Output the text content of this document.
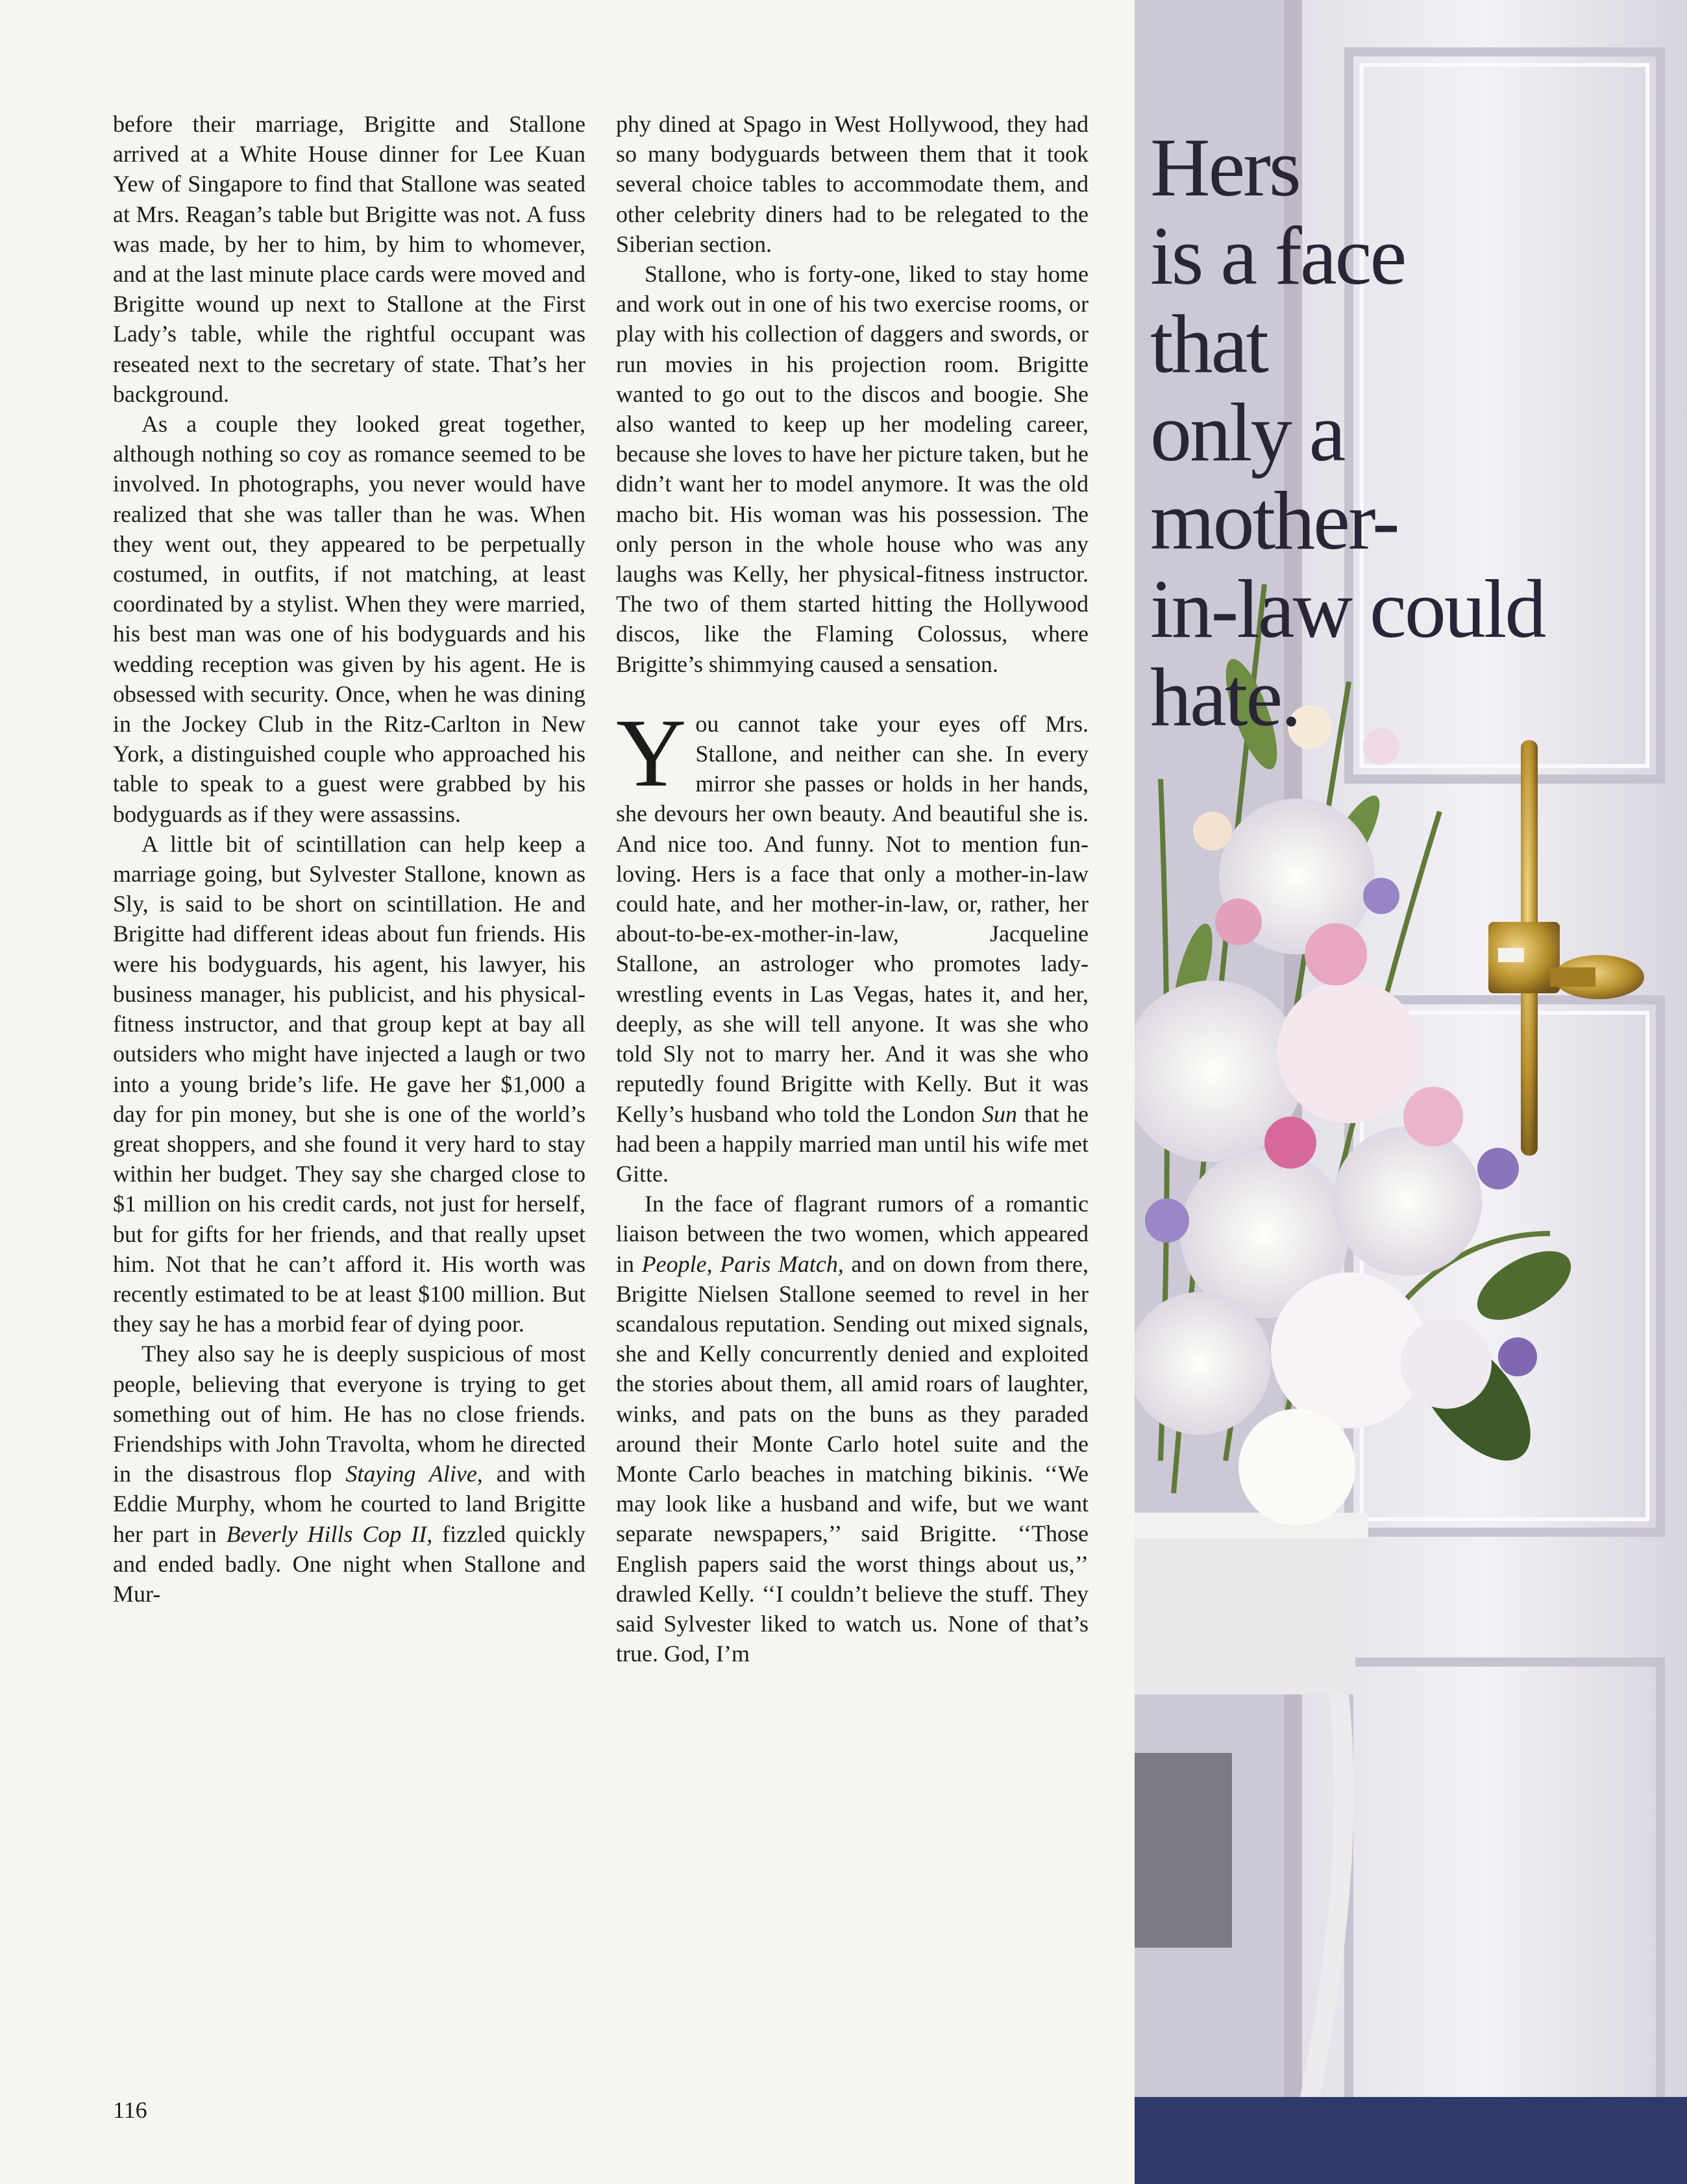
before their marriage, Brigitte and Stallone arrived at a White House dinner for Lee Kuan Yew of Singapore to find that Stallone was seated at Mrs. Reagan’s table but Brigitte was not. A fuss was made, by her to him, by him to whomever, and at the last minute place cards were moved and Brigitte wound up next to Stallone at the First Lady’s table, while the rightful occupant was reseated next to the secretary of state. That’s her background.

As a couple they looked great together, although nothing so coy as romance seemed to be involved. In photographs, you never would have realized that she was taller than he was. When they went out, they appeared to be perpetually costumed, in outfits, if not matching, at least coordinated by a stylist. When they were married, his best man was one of his bodyguards and his wedding reception was given by his agent. He is obsessed with security. Once, when he was dining in the Jockey Club in the Ritz-Carlton in New York, a distinguished couple who approached his table to speak to a guest were grabbed by his bodyguards as if they were assassins.

A little bit of scintillation can help keep a marriage going, but Sylvester Stallone, known as Sly, is said to be short on scintillation. He and Brigitte had different ideas about fun friends. His were his bodyguards, his agent, his lawyer, his business manager, his publicist, and his physical-fitness instructor, and that group kept at bay all outsiders who might have injected a laugh or two into a young bride’s life. He gave her $1,000 a day for pin money, but she is one of the world’s great shoppers, and she found it very hard to stay within her budget. They say she charged close to $1 million on his credit cards, not just for herself, but for gifts for her friends, and that really upset him. Not that he can’t afford it. His worth was recently estimated to be at least $100 million. But they say he has a morbid fear of dying poor.

They also say he is deeply suspicious of most people, believing that everyone is trying to get something out of him. He has no close friends. Friendships with John Travolta, whom he directed in the disastrous flop Staying Alive, and with Eddie Murphy, whom he courted to land Brigitte her part in Beverly Hills Cop II, fizzled quickly and ended badly. One night when Stallone and Mur-

phy dined at Spago in West Hollywood, they had so many bodyguards between them that it took several choice tables to accommodate them, and other celebrity diners had to be relegated to the Siberian section.

Stallone, who is forty-one, liked to stay home and work out in one of his two exercise rooms, or play with his collection of daggers and swords, or run movies in his projection room. Brigitte wanted to go out to the discos and boogie. She also wanted to keep up her modeling career, because she loves to have her picture taken, but he didn’t want her to model anymore. It was the old macho bit. His woman was his possession. The only person in the whole house who was any laughs was Kelly, her physical-fitness instructor. The two of them started hitting the Hollywood discos, like the Flaming Colossus, where Brigitte’s shimmying caused a sensation.

You cannot take your eyes off Mrs. Stallone, and neither can she. In every mirror she passes or holds in her hands, she devours her own beauty. And beautiful she is. And nice too. And funny. Not to mention fun-loving. Hers is a face that only a mother-in-law could hate, and her mother-in-law, or, rather, her about-to-be-ex-mother-in-law, Jacqueline Stallone, an astrologer who promotes lady-wrestling events in Las Vegas, hates it, and her, deeply, as she will tell anyone. It was she who told Sly not to marry her. And it was she who reputedly found Brigitte with Kelly. But it was Kelly’s husband who told the London Sun that he had been a happily married man until his wife met Gitte.

In the face of flagrant rumors of a romantic liaison between the two women, which appeared in People, Paris Match, and on down from there, Brigitte Nielsen Stallone seemed to revel in her scandalous reputation. Sending out mixed signals, she and Kelly concurrently denied and exploited the stories about them, all amid roars of laughter, winks, and pats on the buns as they paraded around their Monte Carlo hotel suite and the Monte Carlo beaches in matching bikinis. ‘‘We may look like a husband and wife, but we want separate newspapers,’’ said Brigitte. ‘‘Those English papers said the worst things about us,’’ drawled Kelly. ‘‘I couldn’t believe the stuff. They said Sylvester liked to watch us. None of that’s true. God, I’m

116
Hers
is a face
that
only a
mother-
in-law could
hate.
